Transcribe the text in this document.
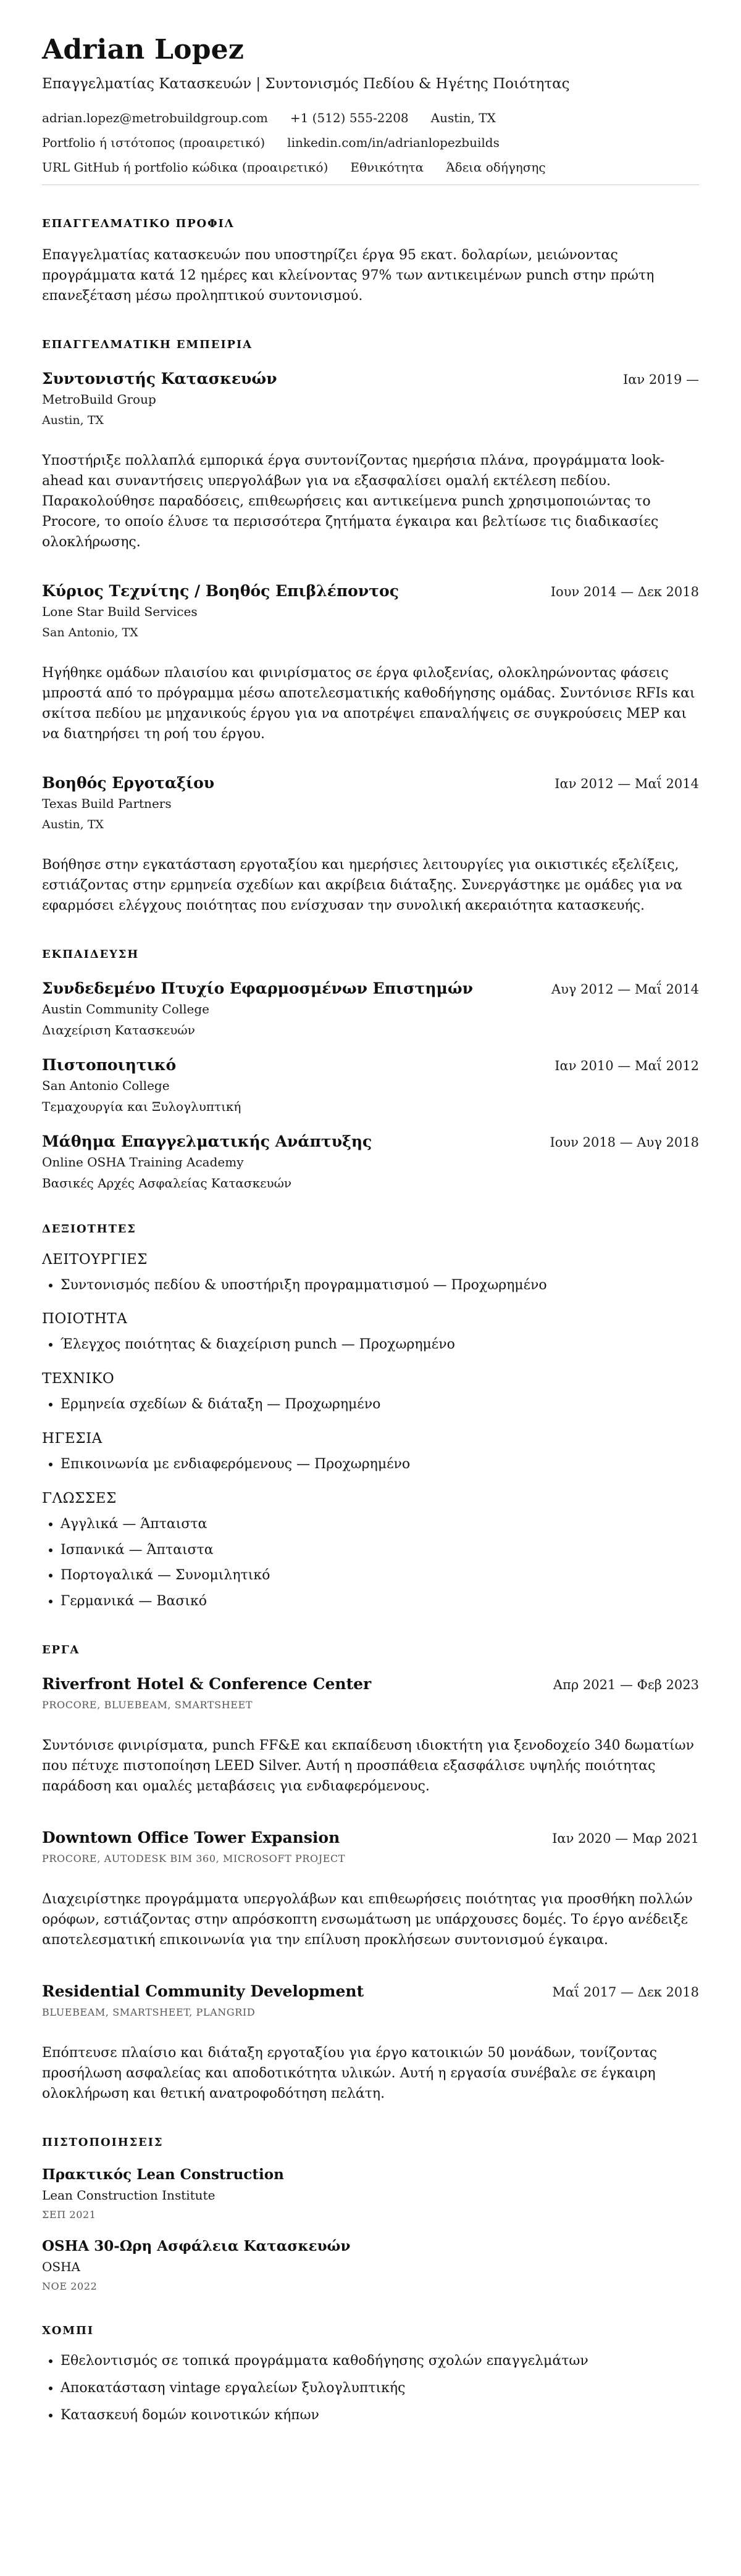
Adrian Lopez
Επαγγελματίας Κατασκευών | Συντονισμός Πεδίου & Ηγέτης Ποιότητας
adrian.lopez@metrobuildgroup.com +1 (512) 555-2208 Austin, TX
Portfolio ή ιστότοπος (προαιρετικό) linkedin.com/in/adrianlopezbuilds
URL GitHub ή portfolio κώδικα (προαιρετικό) Εθνικότητα Άδεια οδήγησης
ΕΠΑΓΓΕΛΜΑΤΙΚΟ ΠΡΟΦΙΛ

Επαγγελματίας κατασκευών που υποστηρίζει έργα 95 εκατ. δολαρίων, μειώνοντας προγράμματα κατά 12 ημέρες και κλείνοντας 97% των αντικειμένων punch στην πρώτη επανεξέταση μέσω προληπτικού συντονισμού.

ΕΠΑΓΓΕΛΜΑΤΙΚΗ ΕΜΠΕΙΡΙΑ
Συντονιστής Κατασκευών	Ιαν 2019 —
MetroBuild Group
Austin, TX

Υποστήριξε πολλαπλά εμπορικά έργα συντονίζοντας ημερήσια πλάνα, προγράμματα look-ahead και συναντήσεις υπεργολάβων για να εξασφαλίσει ομαλή εκτέλεση πεδίου. Παρακολούθησε παραδόσεις, επιθεωρήσεις και αντικείμενα punch χρησιμοποιώντας το Procore, το οποίο έλυσε τα περισσότερα ζητήματα έγκαιρα και βελτίωσε τις διαδικασίες ολοκλήρωσης.

Κύριος Τεχνίτης / Βοηθός Επιβλέποντος	Ιουν 2014 — Δεκ 2018
Lone Star Build Services
San Antonio, TX

Ηγήθηκε ομάδων πλαισίου και φινιρίσματος σε έργα φιλοξενίας, ολοκληρώνοντας φάσεις μπροστά από το πρόγραμμα μέσω αποτελεσματικής καθοδήγησης ομάδας. Συντόνισε RFIs και σκίτσα πεδίου με μηχανικούς έργου για να αποτρέψει επαναλήψεις σε συγκρούσεις MEP και να διατηρήσει τη ροή του έργου.

Βοηθός Εργοταξίου	Ιαν 2012 — Μαΐ 2014
Texas Build Partners
Austin, TX

Βοήθησε στην εγκατάσταση εργοταξίου και ημερήσιες λειτουργίες για οικιστικές εξελίξεις, εστιάζοντας στην ερμηνεία σχεδίων και ακρίβεια διάταξης. Συνεργάστηκε με ομάδες για να εφαρμόσει ελέγχους ποιότητας που ενίσχυσαν την συνολική ακεραιότητα κατασκευής.

ΕΚΠΑΙΔΕΥΣΗ
Συνδεδεμένο Πτυχίο Εφαρμοσμένων Επιστημών	Αυγ 2012 — Μαΐ 2014
Austin Community College
Διαχείριση Κατασκευών
Πιστοποιητικό	Ιαν 2010 — Μαΐ 2012
San Antonio College
Τεμαχουργία και Ξυλογλυπτική
Μάθημα Επαγγελματικής Ανάπτυξης	Ιουν 2018 — Αυγ 2018
Online OSHA Training Academy
Βασικές Αρχές Ασφαλείας Κατασκευών
ΔΕΞΙΟΤΗΤΕΣ
ΛΕΙΤΟΥΡΓΙΕΣ
• Συντονισμός πεδίου & υποστήριξη προγραμματισμού — Προχωρημένο
ΠΟΙΟΤΗΤΑ
• Έλεγχος ποιότητας & διαχείριση punch — Προχωρημένο
ΤΕΧΝΙΚΟ
• Ερμηνεία σχεδίων & διάταξη — Προχωρημένο
ΗΓΕΣΙΑ
• Επικοινωνία με ενδιαφερόμενους — Προχωρημένο
ΓΛΩΣΣΕΣ
• Αγγλικά — Άπταιστα
• Ισπανικά — Άπταιστα
• Πορτογαλικά — Συνομιλητικό
• Γερμανικά — Βασικό
ΕΡΓΑ
Riverfront Hotel & Conference Center	Απρ 2021 — Φεβ 2023
PROCORE, BLUEBEAM, SMARTSHEET

Συντόνισε φινιρίσματα, punch FF&E και εκπαίδευση ιδιοκτήτη για ξενοδοχείο 340 δωματίων που πέτυχε πιστοποίηση LEED Silver. Αυτή η προσπάθεια εξασφάλισε υψηλής ποιότητας παράδοση και ομαλές μεταβάσεις για ενδιαφερόμενους.

Downtown Office Tower Expansion	Ιαν 2020 — Μαρ 2021
PROCORE, AUTODESK BIM 360, MICROSOFT PROJECT

Διαχειρίστηκε προγράμματα υπεργολάβων και επιθεωρήσεις ποιότητας για προσθήκη πολλών ορόφων, εστιάζοντας στην απρόσκοπτη ενσωμάτωση με υπάρχουσες δομές. Το έργο ανέδειξε αποτελεσματική επικοινωνία για την επίλυση προκλήσεων συντονισμού έγκαιρα.

Residential Community Development	Μαΐ 2017 — Δεκ 2018
BLUEBEAM, SMARTSHEET, PLANGRID

Επόπτευσε πλαίσιο και διάταξη εργοταξίου για έργο κατοικιών 50 μονάδων, τονίζοντας προσήλωση ασφαλείας και αποδοτικότητα υλικών. Αυτή η εργασία συνέβαλε σε έγκαιρη ολοκλήρωση και θετική ανατροφοδότηση πελάτη.

ΠΙΣΤΟΠΟΙΗΣΕΙΣ
Πρακτικός Lean Construction
Lean Construction Institute
ΣΕΠ 2021
OSHA 30-Ωρη Ασφάλεια Κατασκευών
OSHA
ΝΟΕ 2022
ΧΟΜΠΙ
• Εθελοντισμός σε τοπικά προγράμματα καθοδήγησης σχολών επαγγελμάτων
• Αποκατάσταση vintage εργαλείων ξυλογλυπτικής
• Κατασκευή δομών κοινοτικών κήπων
